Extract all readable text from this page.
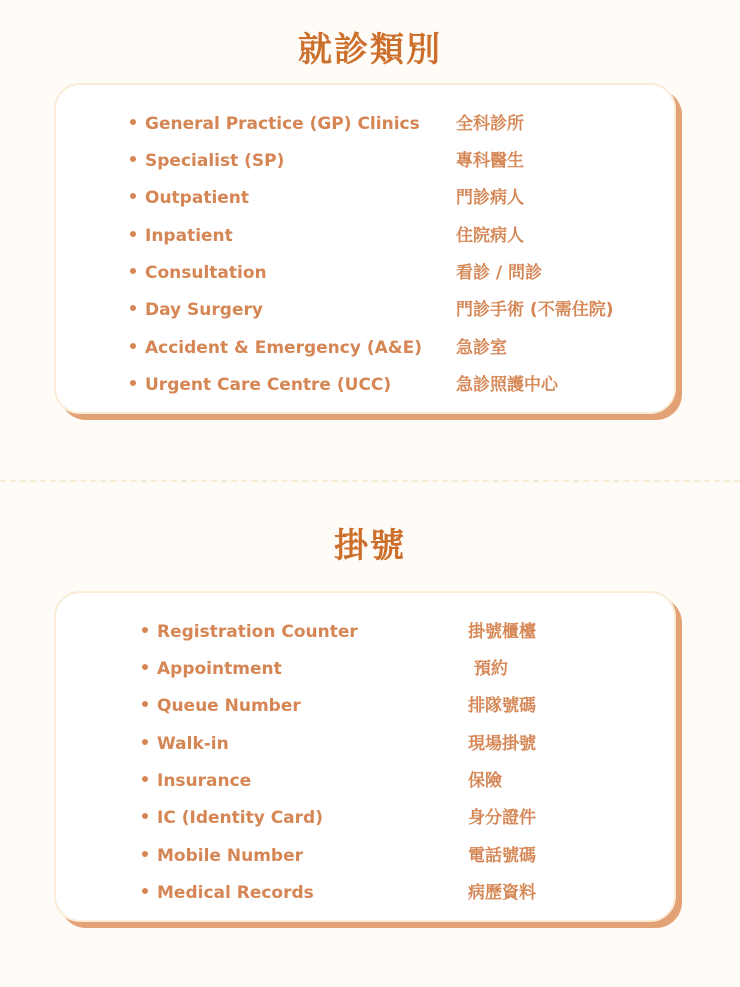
就診類別
General Practice (GP) Clinics 全科診所
Specialist (SP)	專科醫生
Outpatient	門診病人
Inpatient	住院病人
Consultation	看診 / 問診
Day Surgery	門診手術 (不需住院)
Accident & Emergency (A&E) 急診室
Urgent Care Centre (UCC)	急診照護中心
掛號
Registration Counter	掛號櫃檯
Appointment	預約
Queue Number	排隊號碼
Walk-in	現場掛號
Insurance	保險
IC (Identity Card)	身分證件
Mobile Number	電話號碼
Medical Records	病歷資料
